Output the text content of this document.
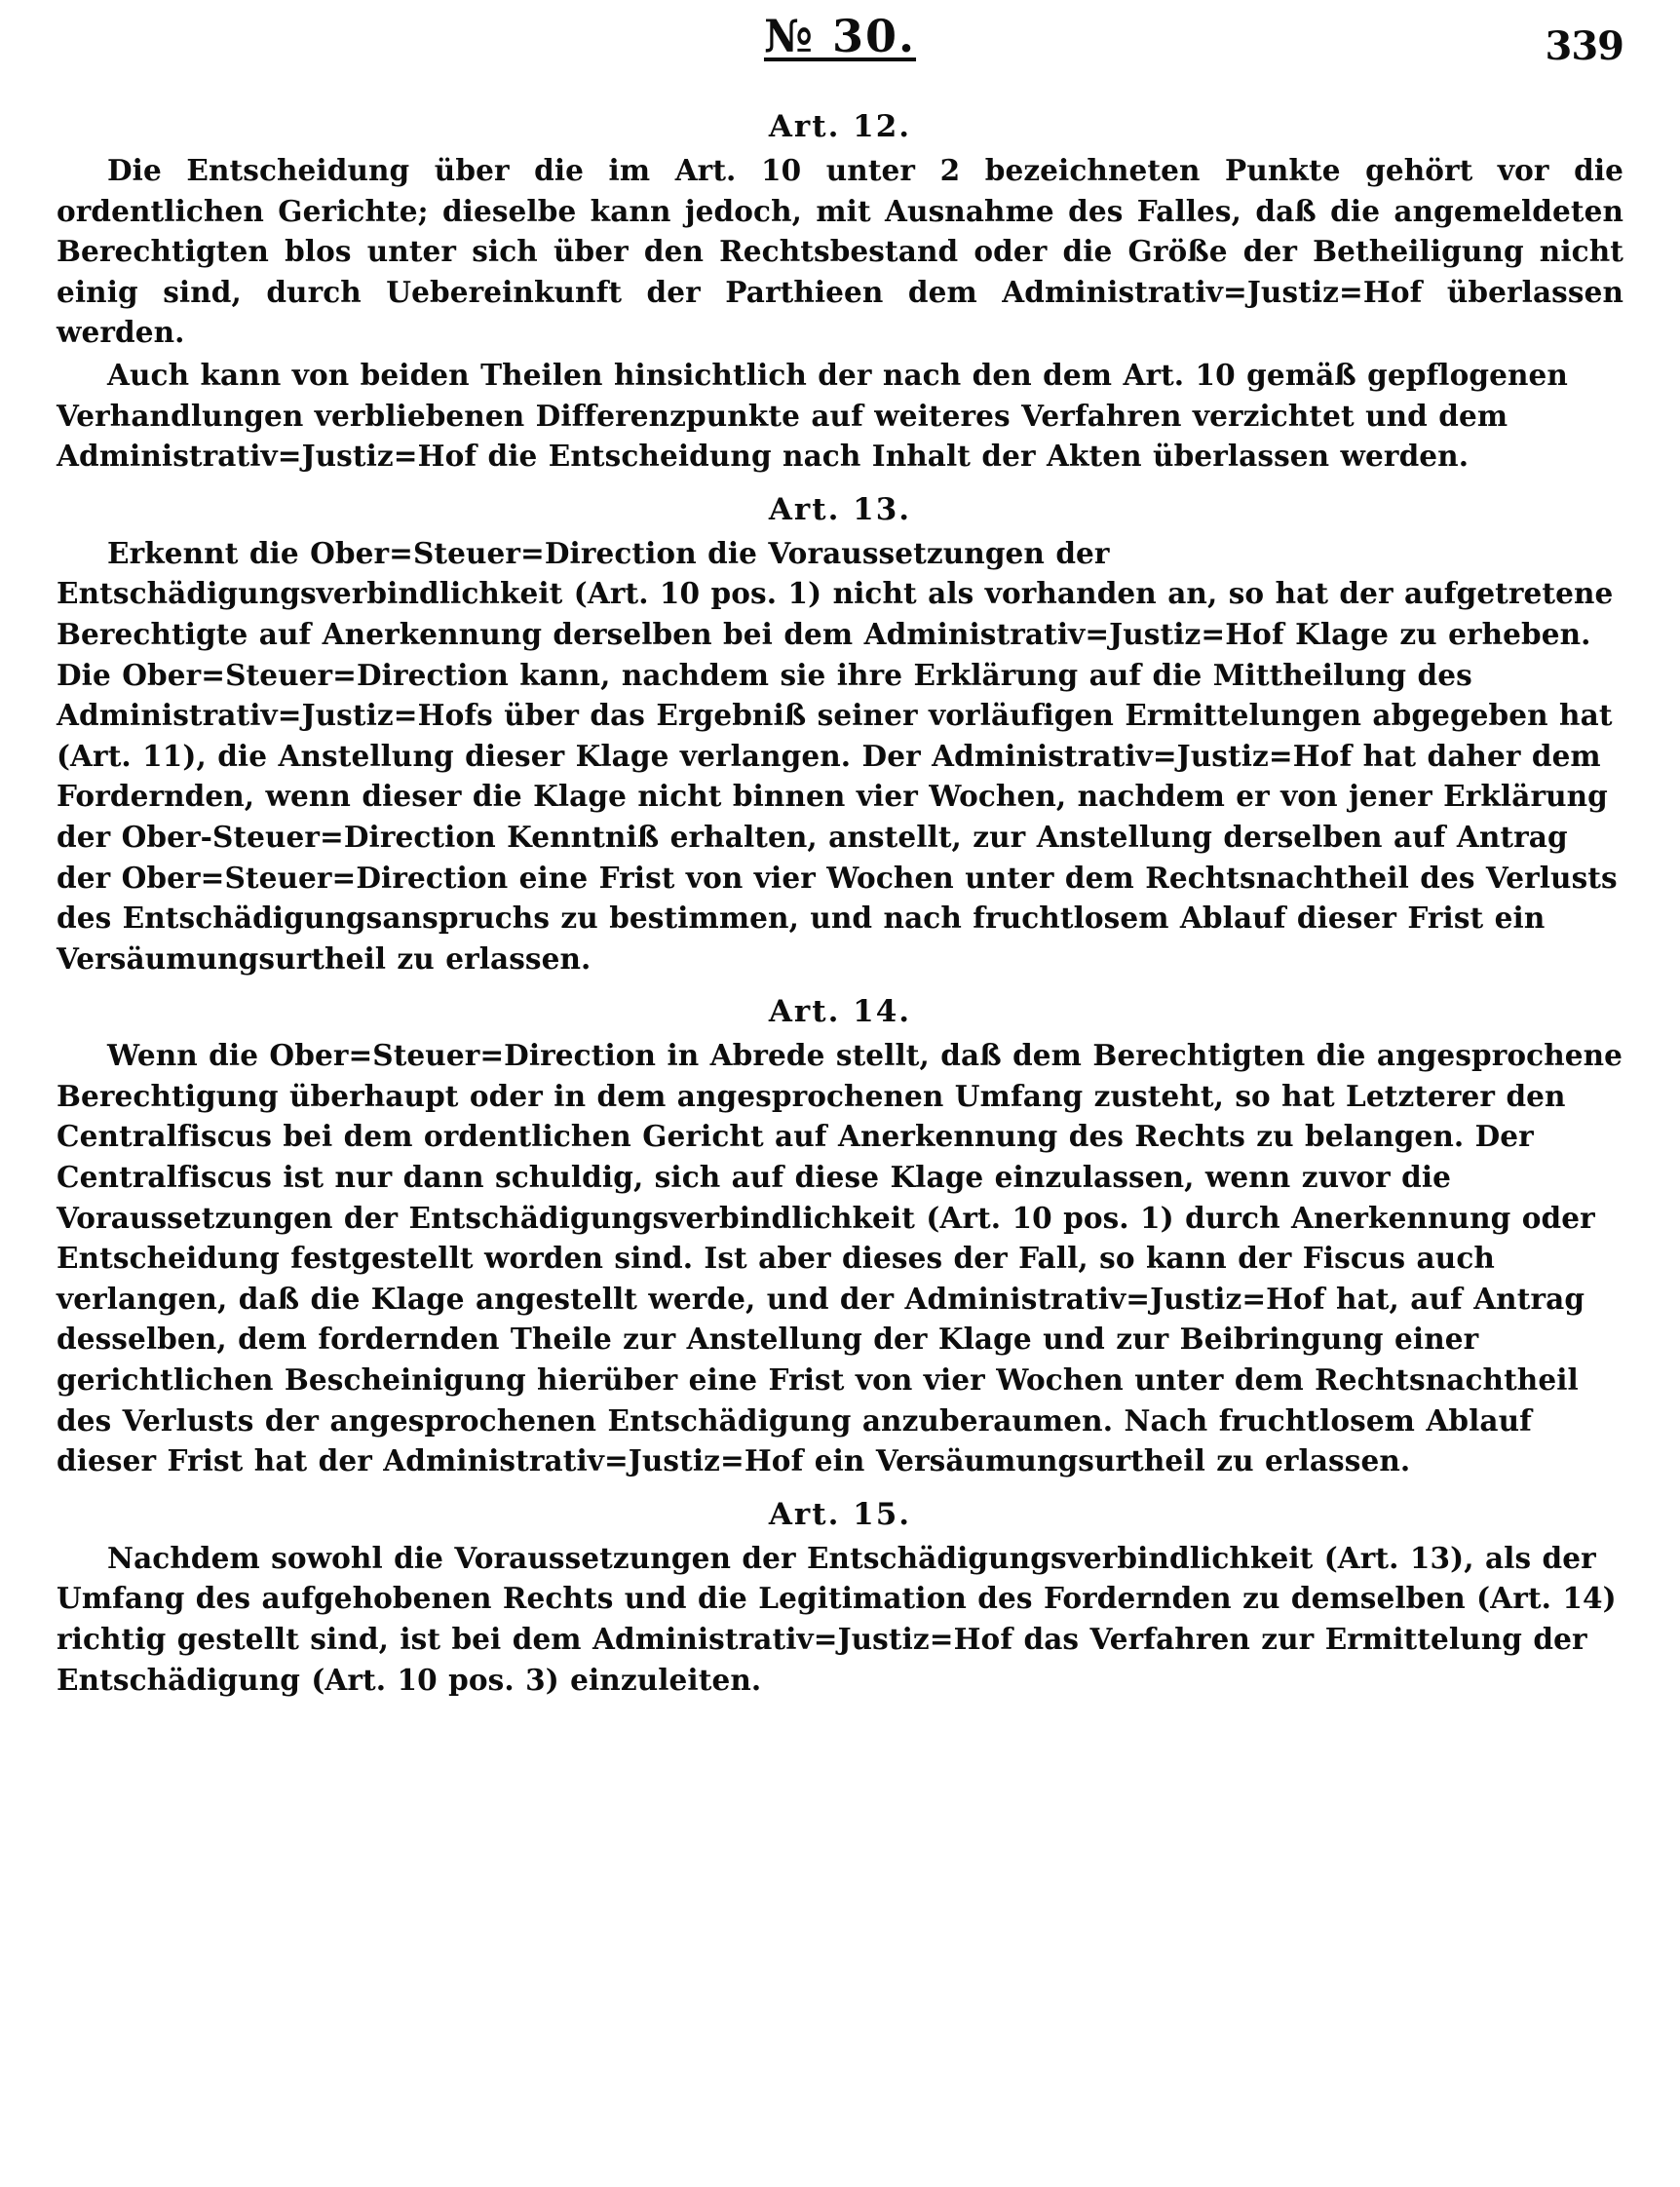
№ 30.	339
Art. 12.

Die Entscheidung über die im Art. 10 unter 2 bezeichneten Punkte gehört vor die ordentlichen Gerichte; dieselbe kann jedoch, mit Ausnahme des Falles, daß die angemeldeten Berechtigten blos unter sich über den Rechtsbestand oder die Größe der Betheiligung nicht einig sind, durch Uebereinkunft der Parthieen dem Administrativ=Justiz=Hof überlassen werden.

Auch kann von beiden Theilen hinsichtlich der nach den dem Art. 10 gemäß gepflogenen Verhandlungen verbliebenen Differenzpunkte auf weiteres Verfahren verzichtet und dem Administrativ=Justiz=Hof die Entscheidung nach Inhalt der Akten überlassen werden.

Art. 13.

Erkennt die Ober=Steuer=Direction die Voraussetzungen der Entschädigungsverbindlichkeit (Art. 10 pos. 1) nicht als vorhanden an, so hat der aufgetretene Berechtigte auf Anerkennung derselben bei dem Administrativ=Justiz=Hof Klage zu erheben. Die Ober=Steuer=Direction kann, nachdem sie ihre Erklärung auf die Mittheilung des Administrativ=Justiz=Hofs über das Ergebniß seiner vorläufigen Ermittelungen abgegeben hat (Art. 11), die Anstellung dieser Klage verlangen. Der Administrativ=Justiz=Hof hat daher dem Fordernden, wenn dieser die Klage nicht binnen vier Wochen, nachdem er von jener Erklärung der Ober‑Steuer=Direction Kenntniß erhalten, anstellt, zur Anstellung derselben auf Antrag der Ober=Steuer=Direction eine Frist von vier Wochen unter dem Rechtsnachtheil des Verlusts des Entschädigungsanspruchs zu bestimmen, und nach fruchtlosem Ablauf dieser Frist ein Versäumungsurtheil zu erlassen.

Art. 14.

Wenn die Ober=Steuer=Direction in Abrede stellt, daß dem Berechtigten die angesprochene Berechtigung überhaupt oder in dem angesprochenen Umfang zusteht, so hat Letzterer den Centralfiscus bei dem ordentlichen Gericht auf Anerkennung des Rechts zu belangen. Der Centralfiscus ist nur dann schuldig, sich auf diese Klage einzulassen, wenn zuvor die Voraussetzungen der Entschädigungsverbindlichkeit (Art. 10 pos. 1) durch Anerkennung oder Entscheidung festgestellt worden sind. Ist aber dieses der Fall, so kann der Fiscus auch verlangen, daß die Klage angestellt werde, und der Administrativ=Justiz=Hof hat, auf Antrag desselben, dem fordernden Theile zur Anstellung der Klage und zur Beibringung einer gerichtlichen Bescheinigung hierüber eine Frist von vier Wochen unter dem Rechtsnachtheil des Verlusts der angesprochenen Entschädigung anzuberaumen. Nach fruchtlosem Ablauf dieser Frist hat der Administrativ=Justiz=Hof ein Versäumungsurtheil zu erlassen.

Art. 15.

Nachdem sowohl die Voraussetzungen der Entschädigungsverbindlichkeit (Art. 13), als der Umfang des aufgehobenen Rechts und die Legitimation des Fordernden zu demselben (Art. 14) richtig gestellt sind, ist bei dem Administrativ=Justiz=Hof das Verfahren zur Ermittelung der Entschädigung (Art. 10 pos. 3) einzuleiten.
